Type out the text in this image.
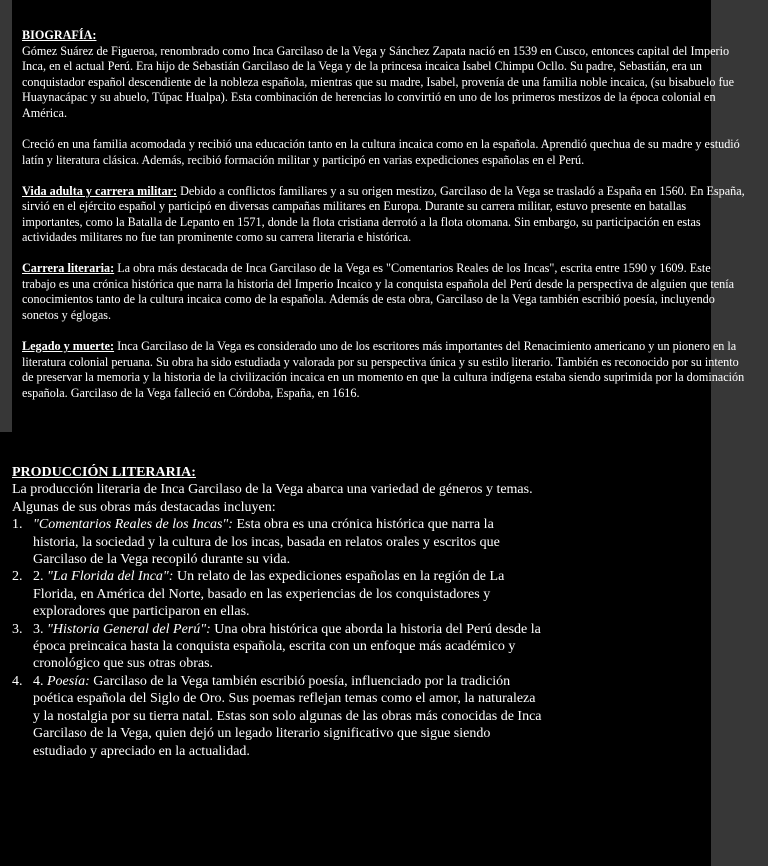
BIOGRAFÍA:
Gómez Suárez de Figueroa, renombrado como Inca Garcilaso de la Vega y Sánchez Zapata nació en 1539 en Cusco, entonces capital del Imperio Inca, en el actual Perú. Era hijo de Sebastián Garcilaso de la Vega y de la princesa incaica Isabel Chimpu Ocllo. Su padre, Sebastián, era un conquistador español descendiente de la nobleza española, mientras que su madre, Isabel, provenía de una familia noble incaica, (su bisabuelo fue Huaynacápac y su abuelo, Túpac Hualpa). Esta combinación de herencias lo convirtió en uno de los primeros mestizos de la época colonial en América.

Creció en una familia acomodada y recibió una educación tanto en la cultura incaica como en la española. Aprendió quechua de su madre y estudió latín y literatura clásica. Además, recibió formación militar y participó en varias expediciones españolas en el Perú.

Vida adulta y carrera militar: Debido a conflictos familiares y a su origen mestizo, Garcilaso de la Vega se trasladó a España en 1560. En España, sirvió en el ejército español y participó en diversas campañas militares en Europa. Durante su carrera militar, estuvo presente en batallas importantes, como la Batalla de Lepanto en 1571, donde la flota cristiana derrotó a la flota otomana. Sin embargo, su participación en estas actividades militares no fue tan prominente como su carrera literaria e histórica.

Carrera literaria: La obra más destacada de Inca Garcilaso de la Vega es "Comentarios Reales de los Incas", escrita entre 1590 y 1609. Este trabajo es una crónica histórica que narra la historia del Imperio Incaico y la conquista española del Perú desde la perspectiva de alguien que tenía conocimientos tanto de la cultura incaica como de la española. Además de esta obra, Garcilaso de la Vega también escribió poesía, incluyendo sonetos y églogas.

Legado y muerte: Inca Garcilaso de la Vega es considerado uno de los escritores más importantes del Renacimiento americano y un pionero en la literatura colonial peruana. Su obra ha sido estudiada y valorada por su perspectiva única y su estilo literario. También es reconocido por su intento de preservar la memoria y la historia de la civilización incaica en un momento en que la cultura indígena estaba siendo suprimida por la dominación española. Garcilaso de la Vega falleció en Córdoba, España, en 1616.

PRODUCCIÓN LITERARIA:

La producción literaria de Inca Garcilaso de la Vega abarca una variedad de géneros y temas. Algunas de sus obras más destacadas incluyen:

1. "Comentarios Reales de los Incas": Esta obra es una crónica histórica que narra la historia, la sociedad y la cultura de los incas, basada en relatos orales y escritos que Garcilaso de la Vega recopiló durante su vida.
2. 2. "La Florida del Inca": Un relato de las expediciones españolas en la región de La Florida, en América del Norte, basado en las experiencias de los conquistadores y exploradores que participaron en ellas.
3. 3. "Historia General del Perú": Una obra histórica que aborda la historia del Perú desde la época preincaica hasta la conquista española, escrita con un enfoque más académico y cronológico que sus otras obras.
4. 4. Poesía: Garcilaso de la Vega también escribió poesía, influenciado por la tradición poética española del Siglo de Oro. Sus poemas reflejan temas como el amor, la naturaleza y la nostalgia por su tierra natal. Estas son solo algunas de las obras más conocidas de Inca Garcilaso de la Vega, quien dejó un legado literario significativo que sigue siendo estudiado y apreciado en la actualidad.
